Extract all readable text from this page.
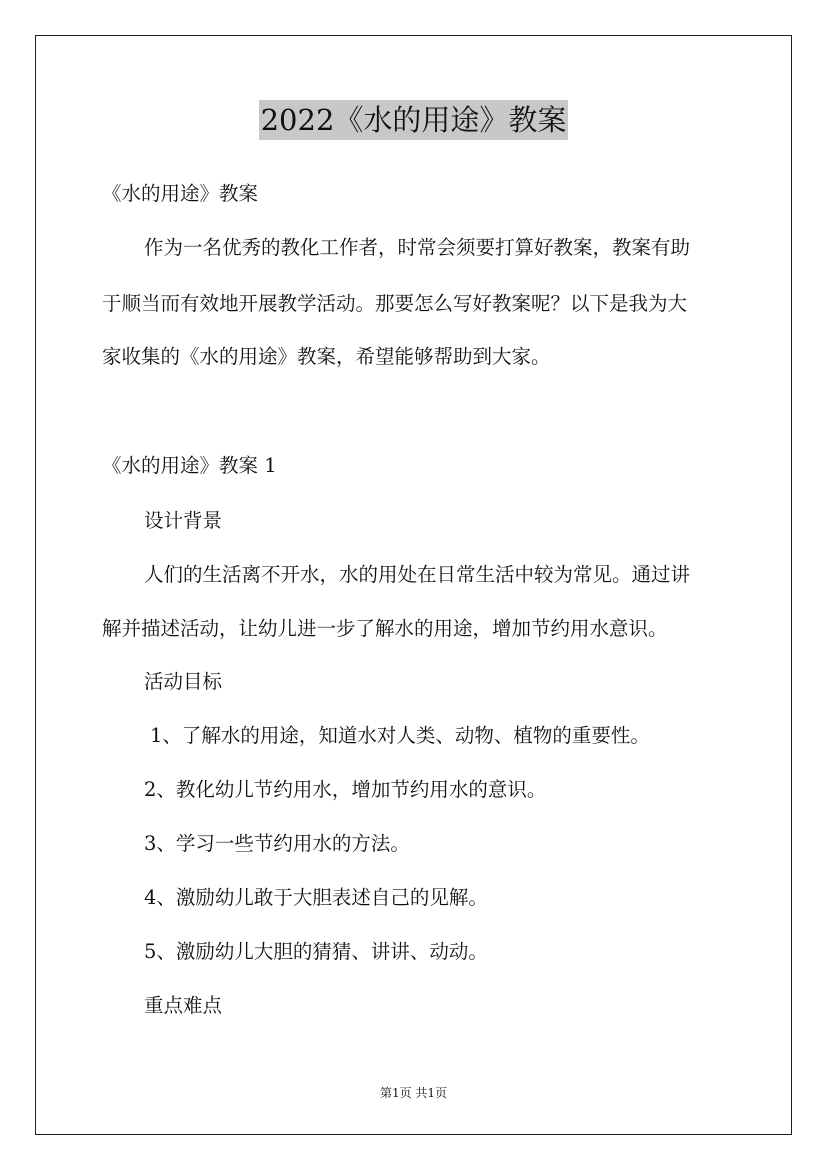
2022《水的用途》教案
《水的用途》教案
作为一名优秀的教化工作者，时常会须要打算好教案，教案有助
于顺当而有效地开展教学活动。那要怎么写好教案呢？以下是我为大
家收集的《水的用途》教案，希望能够帮助到大家。
《水的用途》教案 1
设计背景
人们的生活离不开水，水的用处在日常生活中较为常见。通过讲
解并描述活动，让幼儿进一步了解水的用途，增加节约用水意识。
活动目标
1、了解水的用途，知道水对人类、动物、植物的重要性。
2、教化幼儿节约用水，增加节约用水的意识。
3、学习一些节约用水的方法。
4、激励幼儿敢于大胆表述自己的见解。
5、激励幼儿大胆的猜猜、讲讲、动动。
重点难点
第1页 共1页
